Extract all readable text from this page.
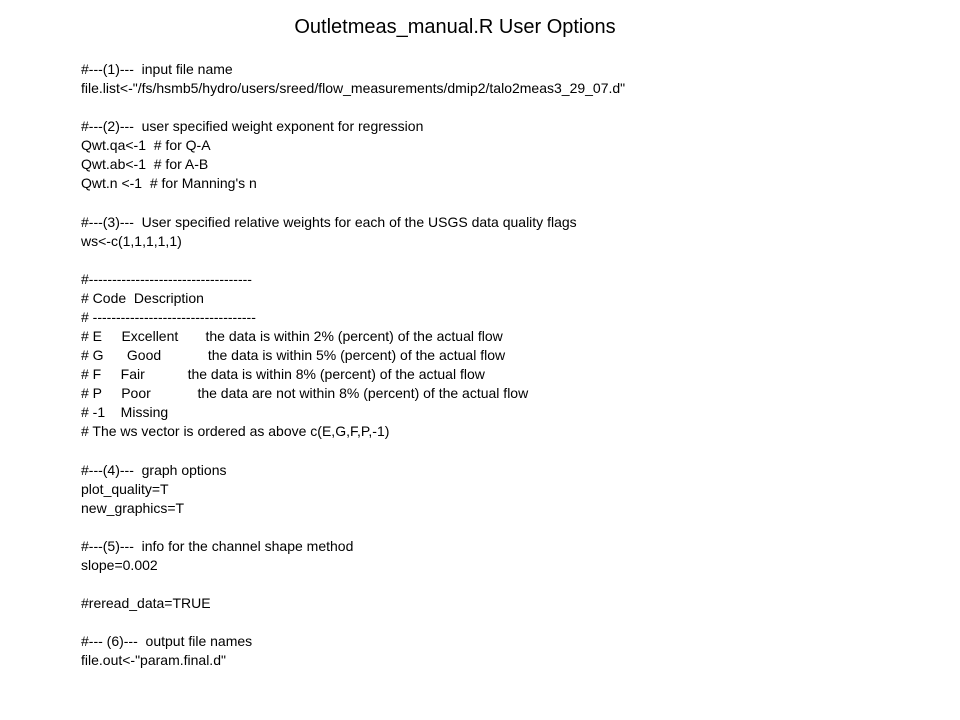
Outletmeas_manual.R User Options
#---(1)---  input file name
file.list<-"/fs/hsmb5/hydro/users/sreed/flow_measurements/dmip2/talo2meas3_29_07.d"
#---(2)---  user specified weight exponent for regression
Qwt.qa<-1  # for Q-A
Qwt.ab<-1  # for A-B
Qwt.n <-1  # for Manning's n
#---(3)---  User specified relative weights for each of the USGS data quality flags
ws<-c(1,1,1,1,1)
#-----------------------------------
# Code  Description
# -----------------------------------
# E     Excellent       the data is within 2% (percent) of the actual flow
# G      Good            the data is within 5% (percent) of the actual flow
# F     Fair           the data is within 8% (percent) of the actual flow
# P     Poor            the data are not within 8% (percent) of the actual flow
# -1    Missing
# The ws vector is ordered as above c(E,G,F,P,-1)
#---(4)---  graph options
plot_quality=T
new_graphics=T
#---(5)---  info for the channel shape method
slope=0.002
#reread_data=TRUE
#--- (6)---  output file names
file.out<-"param.final.d"
